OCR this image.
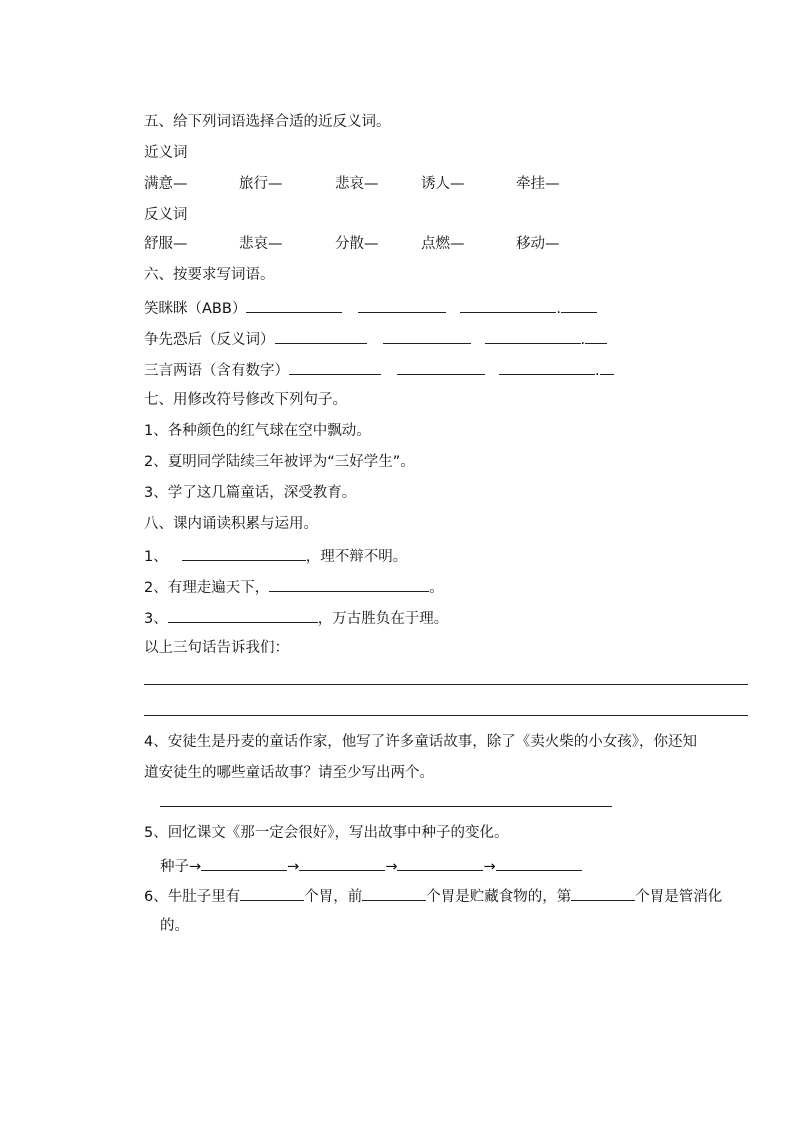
五、给下列词语选择合适的近反义词。
近义词
满意—	旅行—	悲哀—	诱人—	牵挂—
反义词
舒服—	悲哀—	分散—	点燃—	移动—
六、按要求写词语。
笑眯眯（ABB）	.
争先恐后（反义词）	.
三言两语（含有数字）	.
七、用修改符号修改下列句子。
1、各种颜色的红气球在空中飘动。
2、夏明同学陆续三年被评为“三好学生”。
3、学了这几篇童话，深受教育。
八、课内诵读积累与运用。
1、	，理不辩不明。
2、有理走遍天下，	。
3、	，万古胜负在于理。
以上三句话告诉我们：
4、安徒生是丹麦的童话作家，他写了许多童话故事，除了《卖火柴的小女孩》，你还知
道安徒生的哪些童话故事？请至少写出两个。
5、回忆课文《那一定会很好》，写出故事中种子的变化。
种子→	→	→	→
6、牛肚子里有	个胃，前	个胃是贮藏食物的，第	个胃是管消化
的。
